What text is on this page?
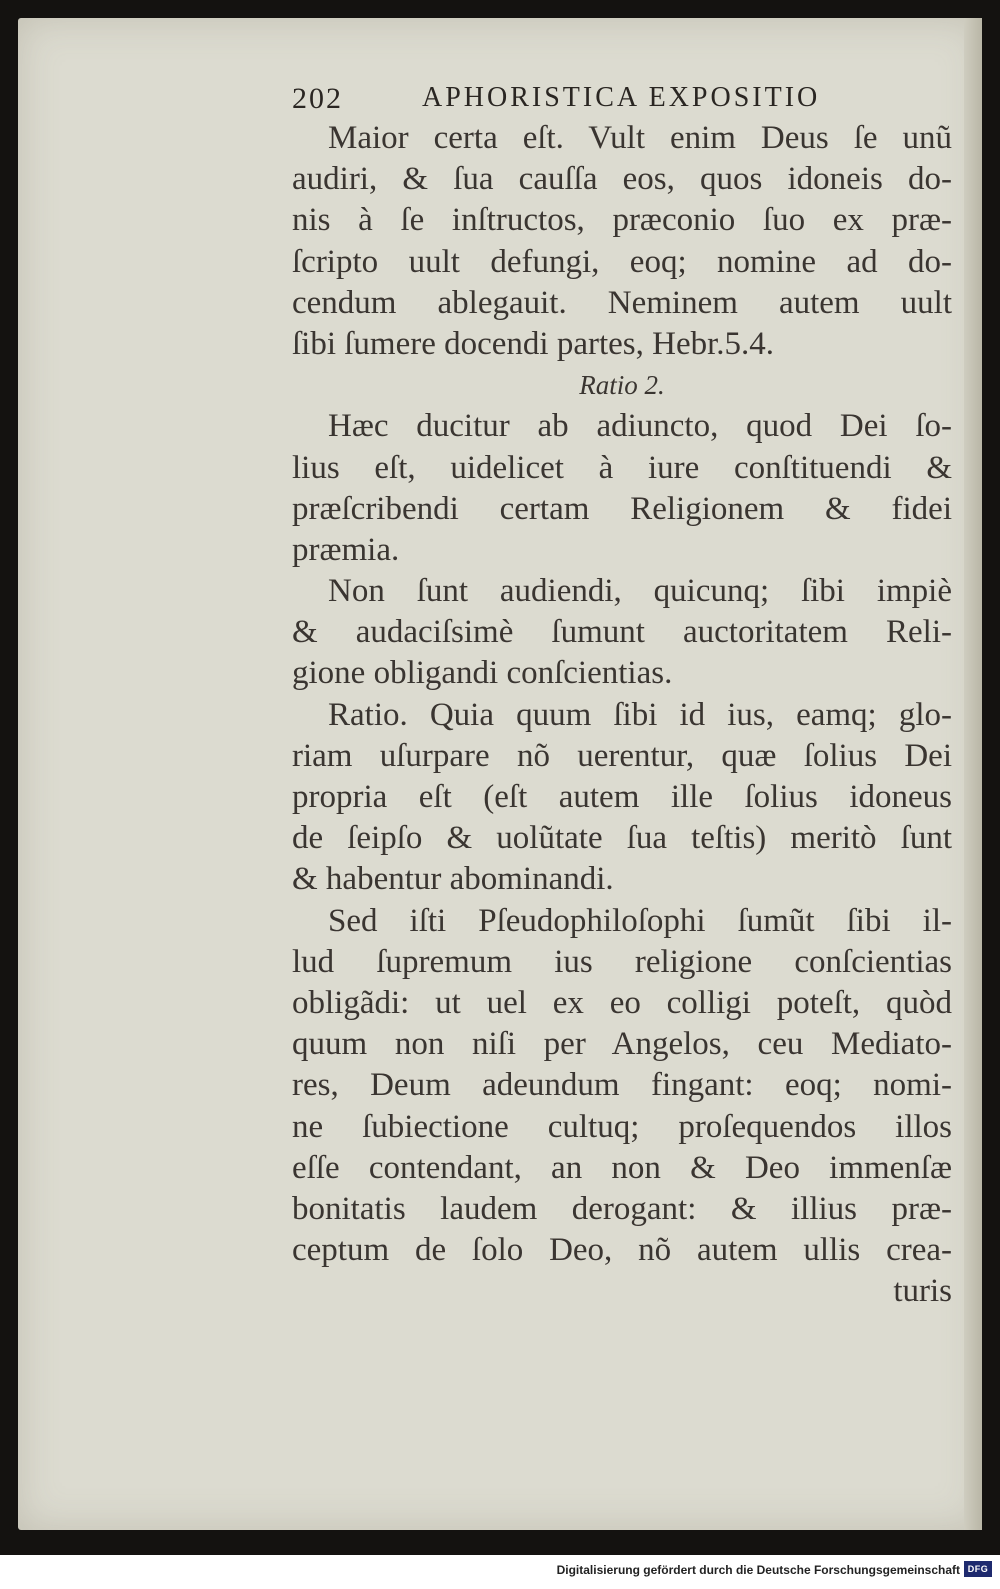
202	APHORISTICA EXPOSITIO
Maior certa eſt. Vult enim Deus ſe unũ
audiri, & ſua cauſſa eos, quos idoneis do-
nis à ſe inſtructos, præconio ſuo ex præ-
ſcripto uult defungi, eoq; nomine ad do-
cendum ablegauit. Neminem autem uult
ſibi ſumere docendi partes, Hebr.5.4.
Ratio 2.
Hæc ducitur ab adiuncto, quod Dei ſo-
lius eſt, uidelicet à iure conſtituendi &
præſcribendi certam Religionem & fidei
præmia.
Non ſunt audiendi, quicunq; ſibi impiè
& audaciſsimè ſumunt auctoritatem Reli-
gione obligandi conſcientias.
Ratio. Quia quum ſibi id ius, eamq; glo-
riam uſurpare nõ uerentur, quæ ſolius Dei
propria eſt (eſt autem ille ſolius idoneus
de ſeipſo & uolũtate ſua teſtis) meritò ſunt
& habentur abominandi.
Sed iſti Pſeudophiloſophi ſumũt ſibi il-
lud ſupremum ius religione conſcientias
obligãdi: ut uel ex eo colligi poteſt, quòd
quum non niſi per Angelos, ceu Mediato-
res, Deum adeundum fingant: eoq; nomi-
ne ſubiectione cultuq; proſequendos illos
eſſe contendant, an non & Deo immenſæ
bonitatis laudem derogant: & illius præ-
ceptum de ſolo Deo, nõ autem ullis crea-
turis
Digitalisierung gefördert durch die Deutsche Forschungsgemeinschaft DFG
